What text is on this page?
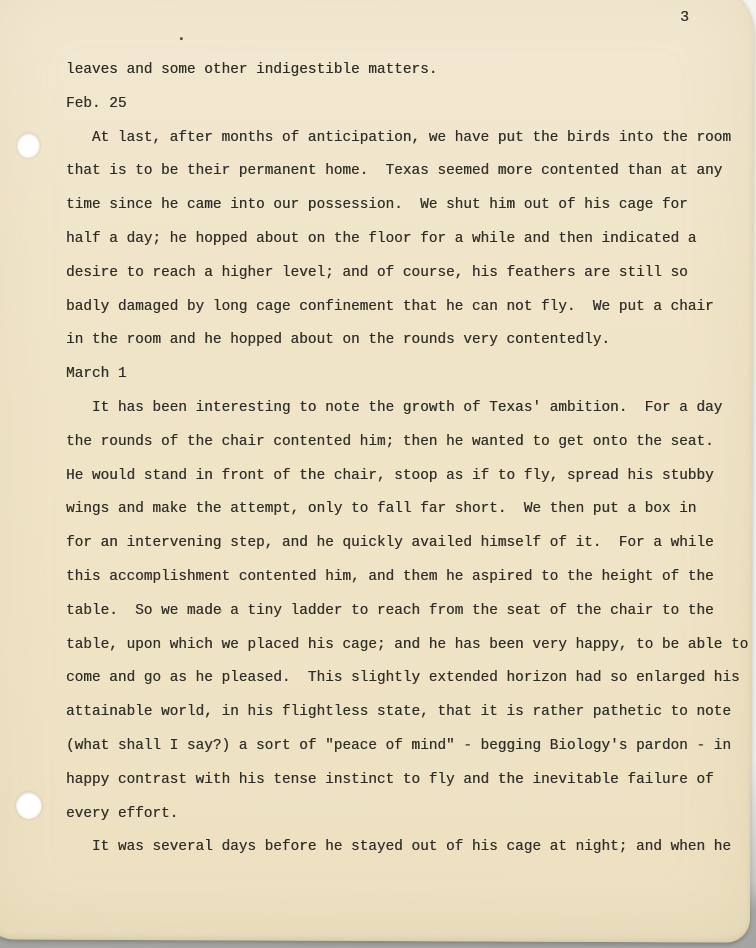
3
leaves and some other indigestible matters.
Feb. 25
At last, after months of anticipation, we have put the birds into the room
that is to be their permanent home.  Texas seemed more contented than at any
time since he came into our possession.  We shut him out of his cage for
half a day; he hopped about on the floor for a while and then indicated a
desire to reach a higher level; and of course, his feathers are still so
badly damaged by long cage confinement that he can not fly.  We put a chair
in the room and he hopped about on the rounds very contentedly.
March 1
It has been interesting to note the growth of Texas' ambition.  For a day
the rounds of the chair contented him; then he wanted to get onto the seat.
He would stand in front of the chair, stoop as if to fly, spread his stubby
wings and make the attempt, only to fall far short.  We then put a box in
for an intervening step, and he quickly availed himself of it.  For a while
this accomplishment contented him, and them he aspired to the height of the
table.  So we made a tiny ladder to reach from the seat of the chair to the
table, upon which we placed his cage; and he has been very happy, to be able to
come and go as he pleased.  This slightly extended horizon had so enlarged his
attainable world, in his flightless state, that it is rather pathetic to note
(what shall I say?) a sort of "peace of mind" - begging Biology's pardon - in
happy contrast with his tense instinct to fly and the inevitable failure of
every effort.
It was several days before he stayed out of his cage at night; and when he
